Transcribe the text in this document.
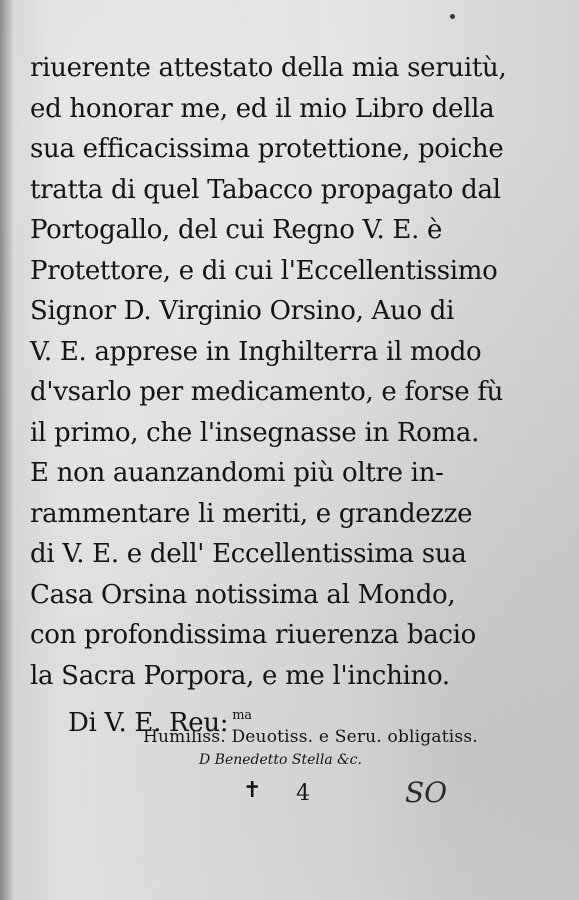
riuerente attestato della mia seruitù,
ed honorar me, ed il mio Libro della
sua efficacissima protettione, poiche
tratta di quel Tabacco propagato dal
Portogallo, del cui Regno V. E. è
Protettore, e di cui l'Eccellentissimo
Signor D. Virginio Orsino, Auo di
V. E. apprese in Inghilterra il modo
d'vsarlo per medicamento, e forse fù
il primo, che l'insegnasse in Roma.
E non auanzandomi più oltre in-
rammentare li meriti, e grandezze
di V. E. e dell' Eccellentissima sua
Casa Orsina notissima al Mondo,
con profondissima riuerenza bacio
la Sacra Porpora, e me l'inchino.
Di V. E. Reu: $^{ma}$
Humiliss. Deuotiss. e Seru. obligatiss.
D Benedetto Stella &c.
✝ 4	SO
